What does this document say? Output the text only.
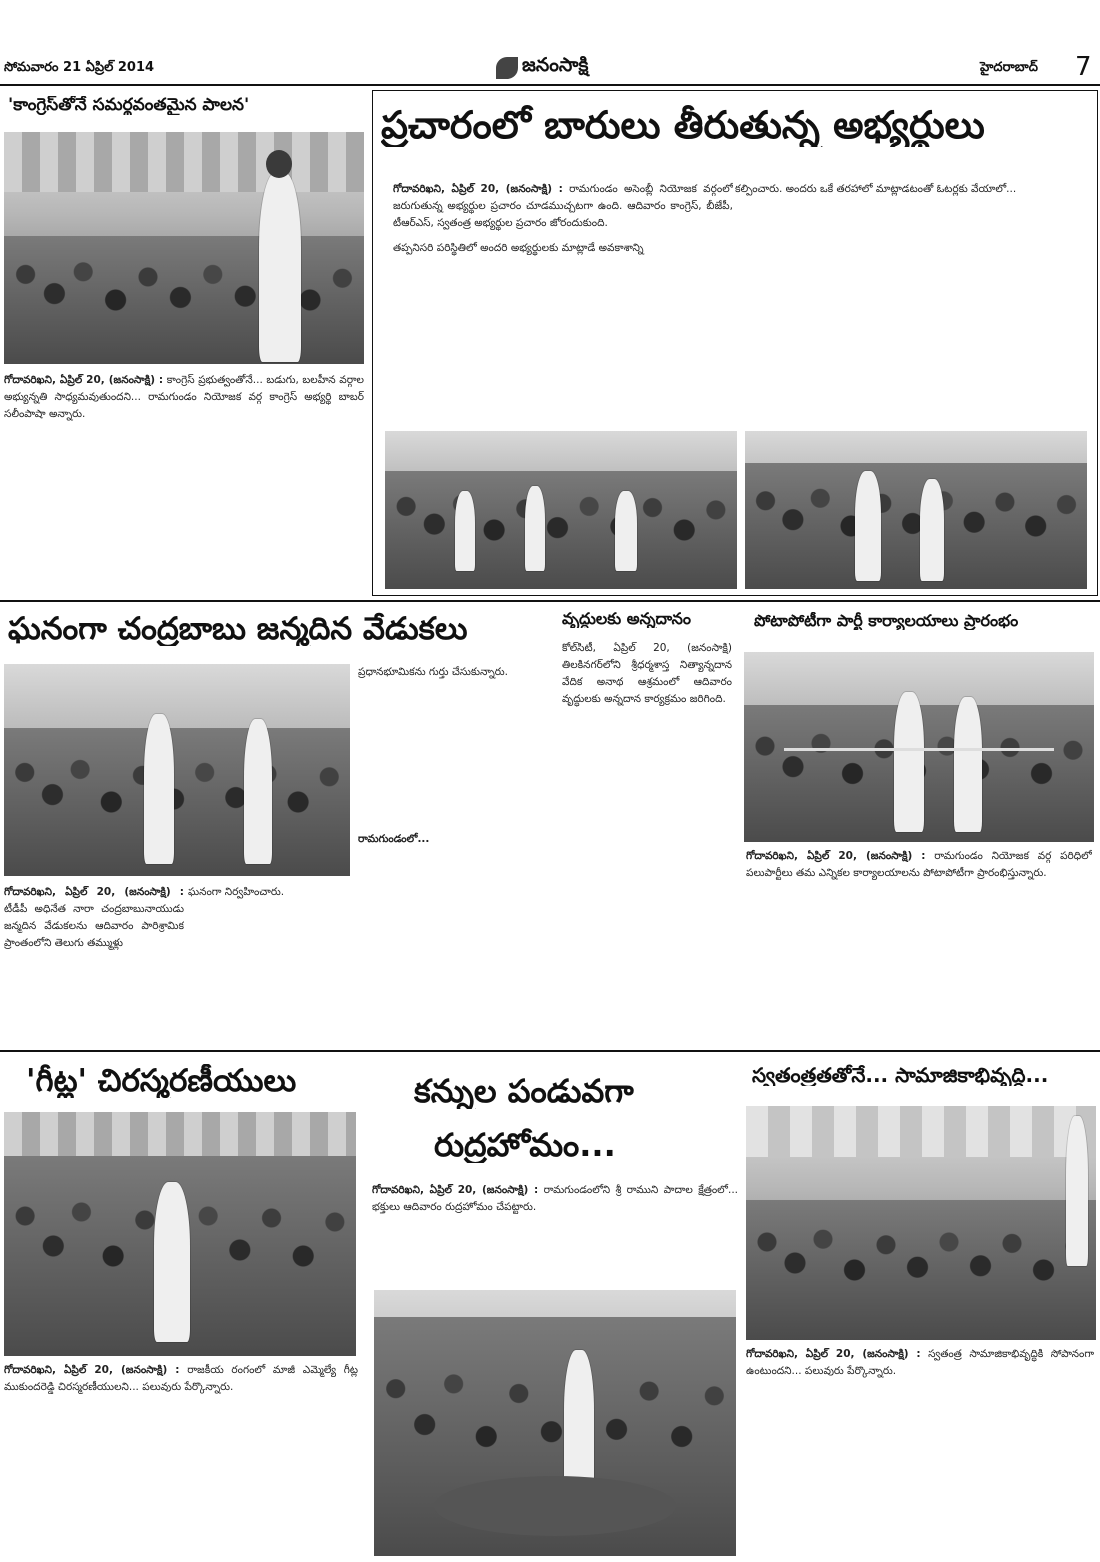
సోమవారం 21 ఏప్రిల్ 2014	జనంసాక్షి	హైదరాబాద్ 7
'కాంగ్రెస్‌తోనే సమర్థవంతమైన పాలన'
గోదావరిఖని, ఏప్రిల్ 20, (జనంసాక్షి) : కాంగ్రెస్ ప్రభుత్వంతోనే... బడుగు, బలహీన వర్గాల అభ్యున్నతి సాధ్యమవుతుందని... రామగుండం నియోజక వర్గ కాంగ్రెస్ అభ్యర్థి బాబర్ సలీంపాషా అన్నారు.
ప్రచారంలో బారులు తీరుతున్న అభ్యర్థులు
గోదావరిఖని, ఏప్రిల్ 20, (జనంసాక్షి) : రామగుండం అసెంబ్లీ నియోజక వర్గంలో జరుగుతున్న అభ్యర్థుల ప్రచారం చూడముచ్చటగా ఉంది. ఆదివారం కాంగ్రెస్, బీజేపీ, టీఆర్ఎస్, స్వతంత్ర అభ్యర్థుల ప్రచారం జోరందుకుంది.
తప్పనిసరి పరిస్థితిలో అందరి అభ్యర్థులకు మాట్లాడే అవకాశాన్ని
కల్పించారు. అందరు ఒకే తరహాలో మాట్లాడటంతో ఓటర్లకు వేయాలో...
ఘనంగా చంద్రబాబు జన్మదిన వేడుకలు
గోదావరిఖని, ఏప్రిల్ 20, (జనంసాక్షి) : టీడీపీ అధినేత నారా చంద్రబాబునాయుడు జన్మదిన వేడుకలను ఆదివారం పారిశ్రామిక ప్రాంతంలోని తెలుగు తమ్ముళ్లు
ఘనంగా నిర్వహించారు.
ప్రధానభూమికను గుర్తు చేసుకున్నారు.
రామగుండంలో...
వృద్దులకు అన్నదానం
కోల్‌సిటీ, ఏప్రిల్ 20, (జనంసాక్షి) తిలకినగర్‌లోని శ్రీధర్మశాస్త నిత్యాన్నదాన వేదిక అనాథ ఆశ్రమంలో ఆదివారం వృద్ధులకు అన్నదాన కార్యక్రమం జరిగింది.
పోటాపోటీగా పార్టీ కార్యాలయాలు ప్రారంభం
గోదావరిఖని, ఏప్రిల్ 20, (జనంసాక్షి) : రామగుండం నియోజక వర్గ పరిధిలో పలుపార్టీలు తమ ఎన్నికల కార్యాలయాలను పోటాపోటీగా ప్రారంభిస్తున్నారు.
'గీట్ల' చిరస్మరణీయులు
గోదావరిఖని, ఏప్రిల్ 20, (జనంసాక్షి) : రాజకీయ రంగంలో మాజీ ఎమ్మెల్యే గీట్ల ముకుందరెడ్డి చిరస్మరణీయులని... పలువురు పేర్కొన్నారు.
కన్నుల పండువగా
రుద్రహోమం...
గోదావరిఖని, ఏప్రిల్ 20, (జనంసాక్షి) : రామగుండంలోని శ్రీ రాముని పాదాల క్షేత్రంలో... భక్తులు ఆదివారం రుద్రహోమం చేపట్టారు.
స్వతంత్రతతోనే... సామాజికాభివృద్ధి...
గోదావరిఖని, ఏప్రిల్ 20, (జనంసాక్షి) : స్వతంత్ర సామాజికాభివృద్ధికి సోపానంగా ఉంటుందని... పలువురు పేర్కొన్నారు.
